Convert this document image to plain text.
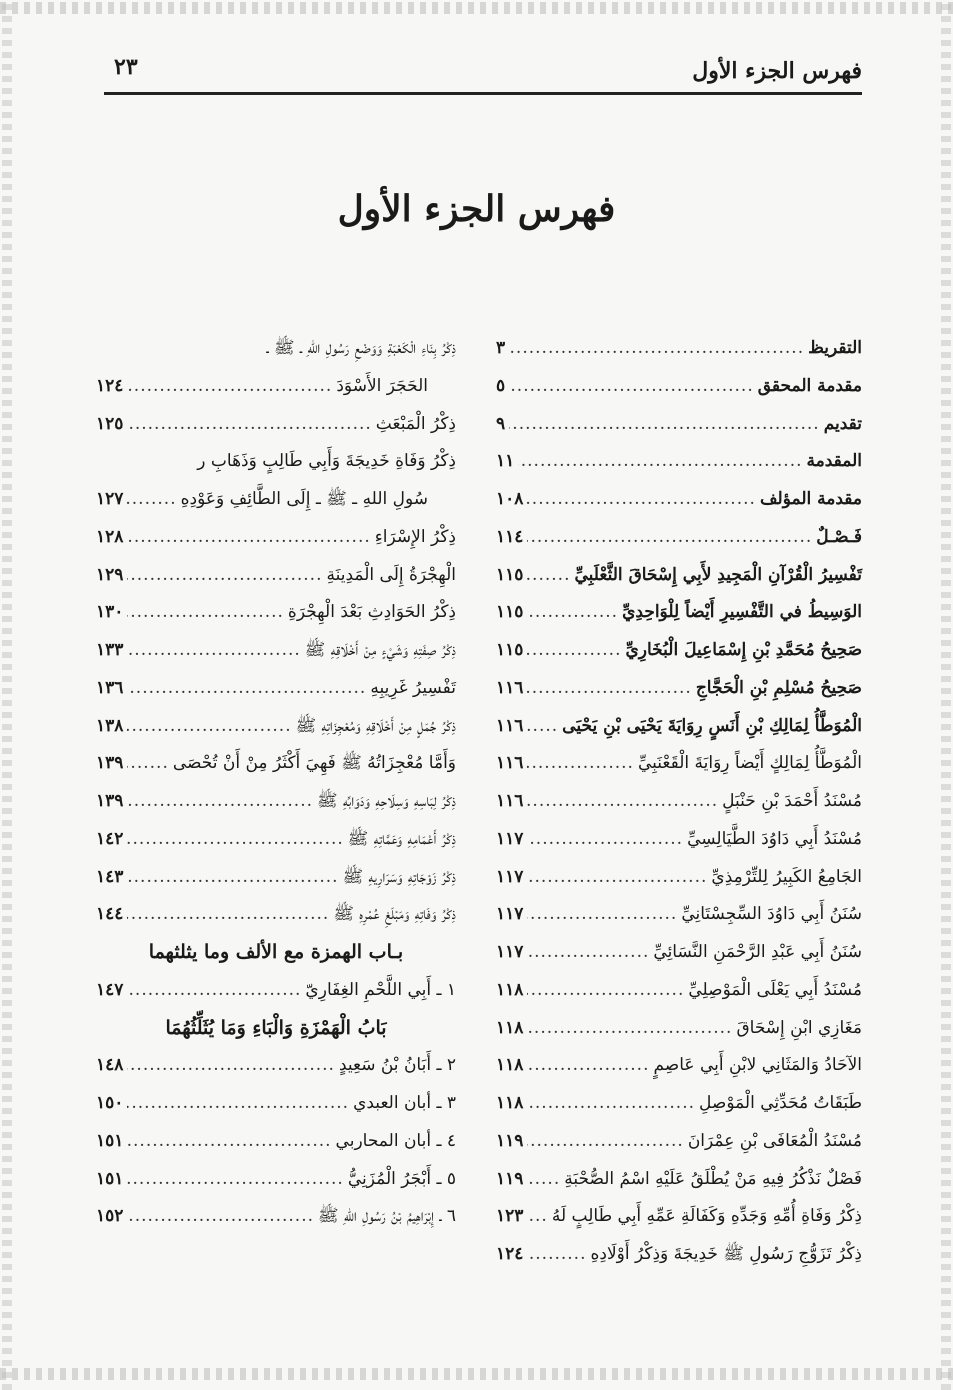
فهرس الجزء الأول
٢٣
فهرس الجزء الأول
التقريظ
.....
٣
مقدمة المحقق
.....
٥
تقديم
.....
٩
المقدمة
.....
١١
مقدمة المؤلف
.....
١٠٨
فَـصْـلٌ
.....
١١٤
تَفْسِيرُ الْقُرْآنِ الْمَجِيدِ لأَبِي إِسْحَاقَ الثَّعْلَبِيِّ
.....
١١٥
الوَسِيطُ في التَّفْسِيرِ أَيْضاً لِلْوَاحِدِيِّ
.....
١١٥
صَحِيحُ مُحَمَّدِ بْنِ إِسْمَاعِيلَ الْبُخَارِيِّ
.....
١١٥
صَحِيحُ مُسْلِمِ بْنِ الْحَجَّاجِ
.....
١١٦
الْمُوَطَّأُ لِمَالِكِ بْنِ أَنَسٍ رِوَايَةَ يَحْيَى بْنِ يَحْيَى
.....
١١٦
الْمُوَطَّأُ لِمَالِكٍ أَيْضاً رِوَايَةَ الْقَعْنَبِيِّ
.....
١١٦
مُسْنَدُ أَحْمَدَ بْنِ حَنْبَلٍ
.....
١١٦
مُسْنَدُ أَبِي دَاوُدَ الطَّيَالِسِيِّ
.....
١١٧
الجَامِعُ الكَبِيرُ لِلتِّرْمِذِيِّ
.....
١١٧
سُنَنُ أَبِي دَاوُدَ السِّجِسْتَانِيِّ
.....
١١٧
سُنَنُ أَبِي عَبْدِ الرَّحْمَنِ النَّسَائِيِّ
.....
١١٧
مُسْنَدُ أَبِي يَعْلَى الْمَوْصِلِيِّ
.....
١١٨
مَغَازِي ابْنِ إِسْحَاقَ
.....
١١٨
الآحَادُ وَالمَثَانِي لابْنِ أَبِي عَاصِمٍ
.....
١١٨
طَبَقَاتُ مُحَدِّثِي الْمَوْصِلِ
.....
١١٨
مُسْنَدُ الْمُعَافَى بْنِ عِمْرَانَ
.....
١١٩
فَصْلٌ نَذْكُرُ فِيهِ مَنْ يُطْلَقُ عَلَيْهِ اسْمُ الصُّحْبَةِ
.....
١١٩
ذِكْرُ وَفَاةِ أُمِّهِ وَجَدِّهِ وَكَفَالَةِ عَمِّهِ أَبِي طَالِبٍ لَهُ
.....
١٢٣
ذِكْرُ تَزَوُّجِ رَسُولِ ﷺ خَدِيجَةَ وَذِكْرُ أَوْلَادِهِ
.....
١٢٤
ذِكْرُ بِنَاءِ الْكَعْبَةِ وَوَضْعِ رَسُولِ اللهِ ـ ﷺ ـ
الحَجَرَ الأَسْوَدَ
.....
١٢٤
ذِكْرُ الْمَبْعَثِ
.....
١٢٥
ذِكْرُ وَفَاةِ خَدِيجَةَ وَأَبِي طَالِبٍ وَذَهَابِ ر
سُولِ اللهِ ـ ﷺ ـ إِلَى الطَّائِفِ وَعَوْدِهِ
.....
١٢٧
ذِكْرُ الإِسْرَاءِ
.....
١٢٨
الْهِجْرَةُ إِلَى الْمَدِينَةِ
.....
١٢٩
ذِكْرُ الحَوَادِثِ بَعْدَ الْهِجْرَةِ
.....
١٣٠
ذِكْرُ صِفَتِهِ وَشَيْءٍ مِنْ أَخْلَاقِهِ ﷺ
.....
١٣٣
تَفْسِيرُ غَرِيبِهِ
.....
١٣٦
ذِكْرُ جُمَلٍ مِنْ أَخْلَاقِهِ وَمُعْجِزَاتِهِ ﷺ
.....
١٣٨
وَأَمَّا مُعْجِزَاتُهُ ﷺ فَهِيَ أَكْثَرُ مِنْ أَنْ تُحْصَى
.....
١٣٩
ذِكْرُ لِبَاسِهِ وَسِلَاحِهِ وَدَوَابِّهِ ﷺ
.....
١٣٩
ذِكْرُ أَعْمَامِهِ وَعَمَّاتِهِ ﷺ
.....
١٤٢
ذِكْرُ زَوْجَاتِهِ وَسَرَارِيهِ ﷺ
.....
١٤٣
ذِكْرُ وَفَاتِهِ وَمَبْلَغِ عُمْرِهِ ﷺ
.....
١٤٤
بـاب الهمزة مع الألف وما يثلثهما
١ ـ أَبِي اللَّحْمِ الغِفَارِيّ
.....
١٤٧
بَابُ الْهَمْزَةِ وَالْبَاءِ وَمَا يُثَلِّثُهُمَا
٢ ـ أَبَانُ بْنُ سَعِيدٍ
.....
١٤٨
٣ ـ أبان العبدي
.....
١٥٠
٤ ـ أبان المحاربي
.....
١٥١
٥ ـ أَبْجَرُ الْمُزَنِيُّ
.....
١٥١
٦ ـ إِبْرَاهِيمُ بْنُ رَسُولِ اللهِ ﷺ
.....
١٥٢
